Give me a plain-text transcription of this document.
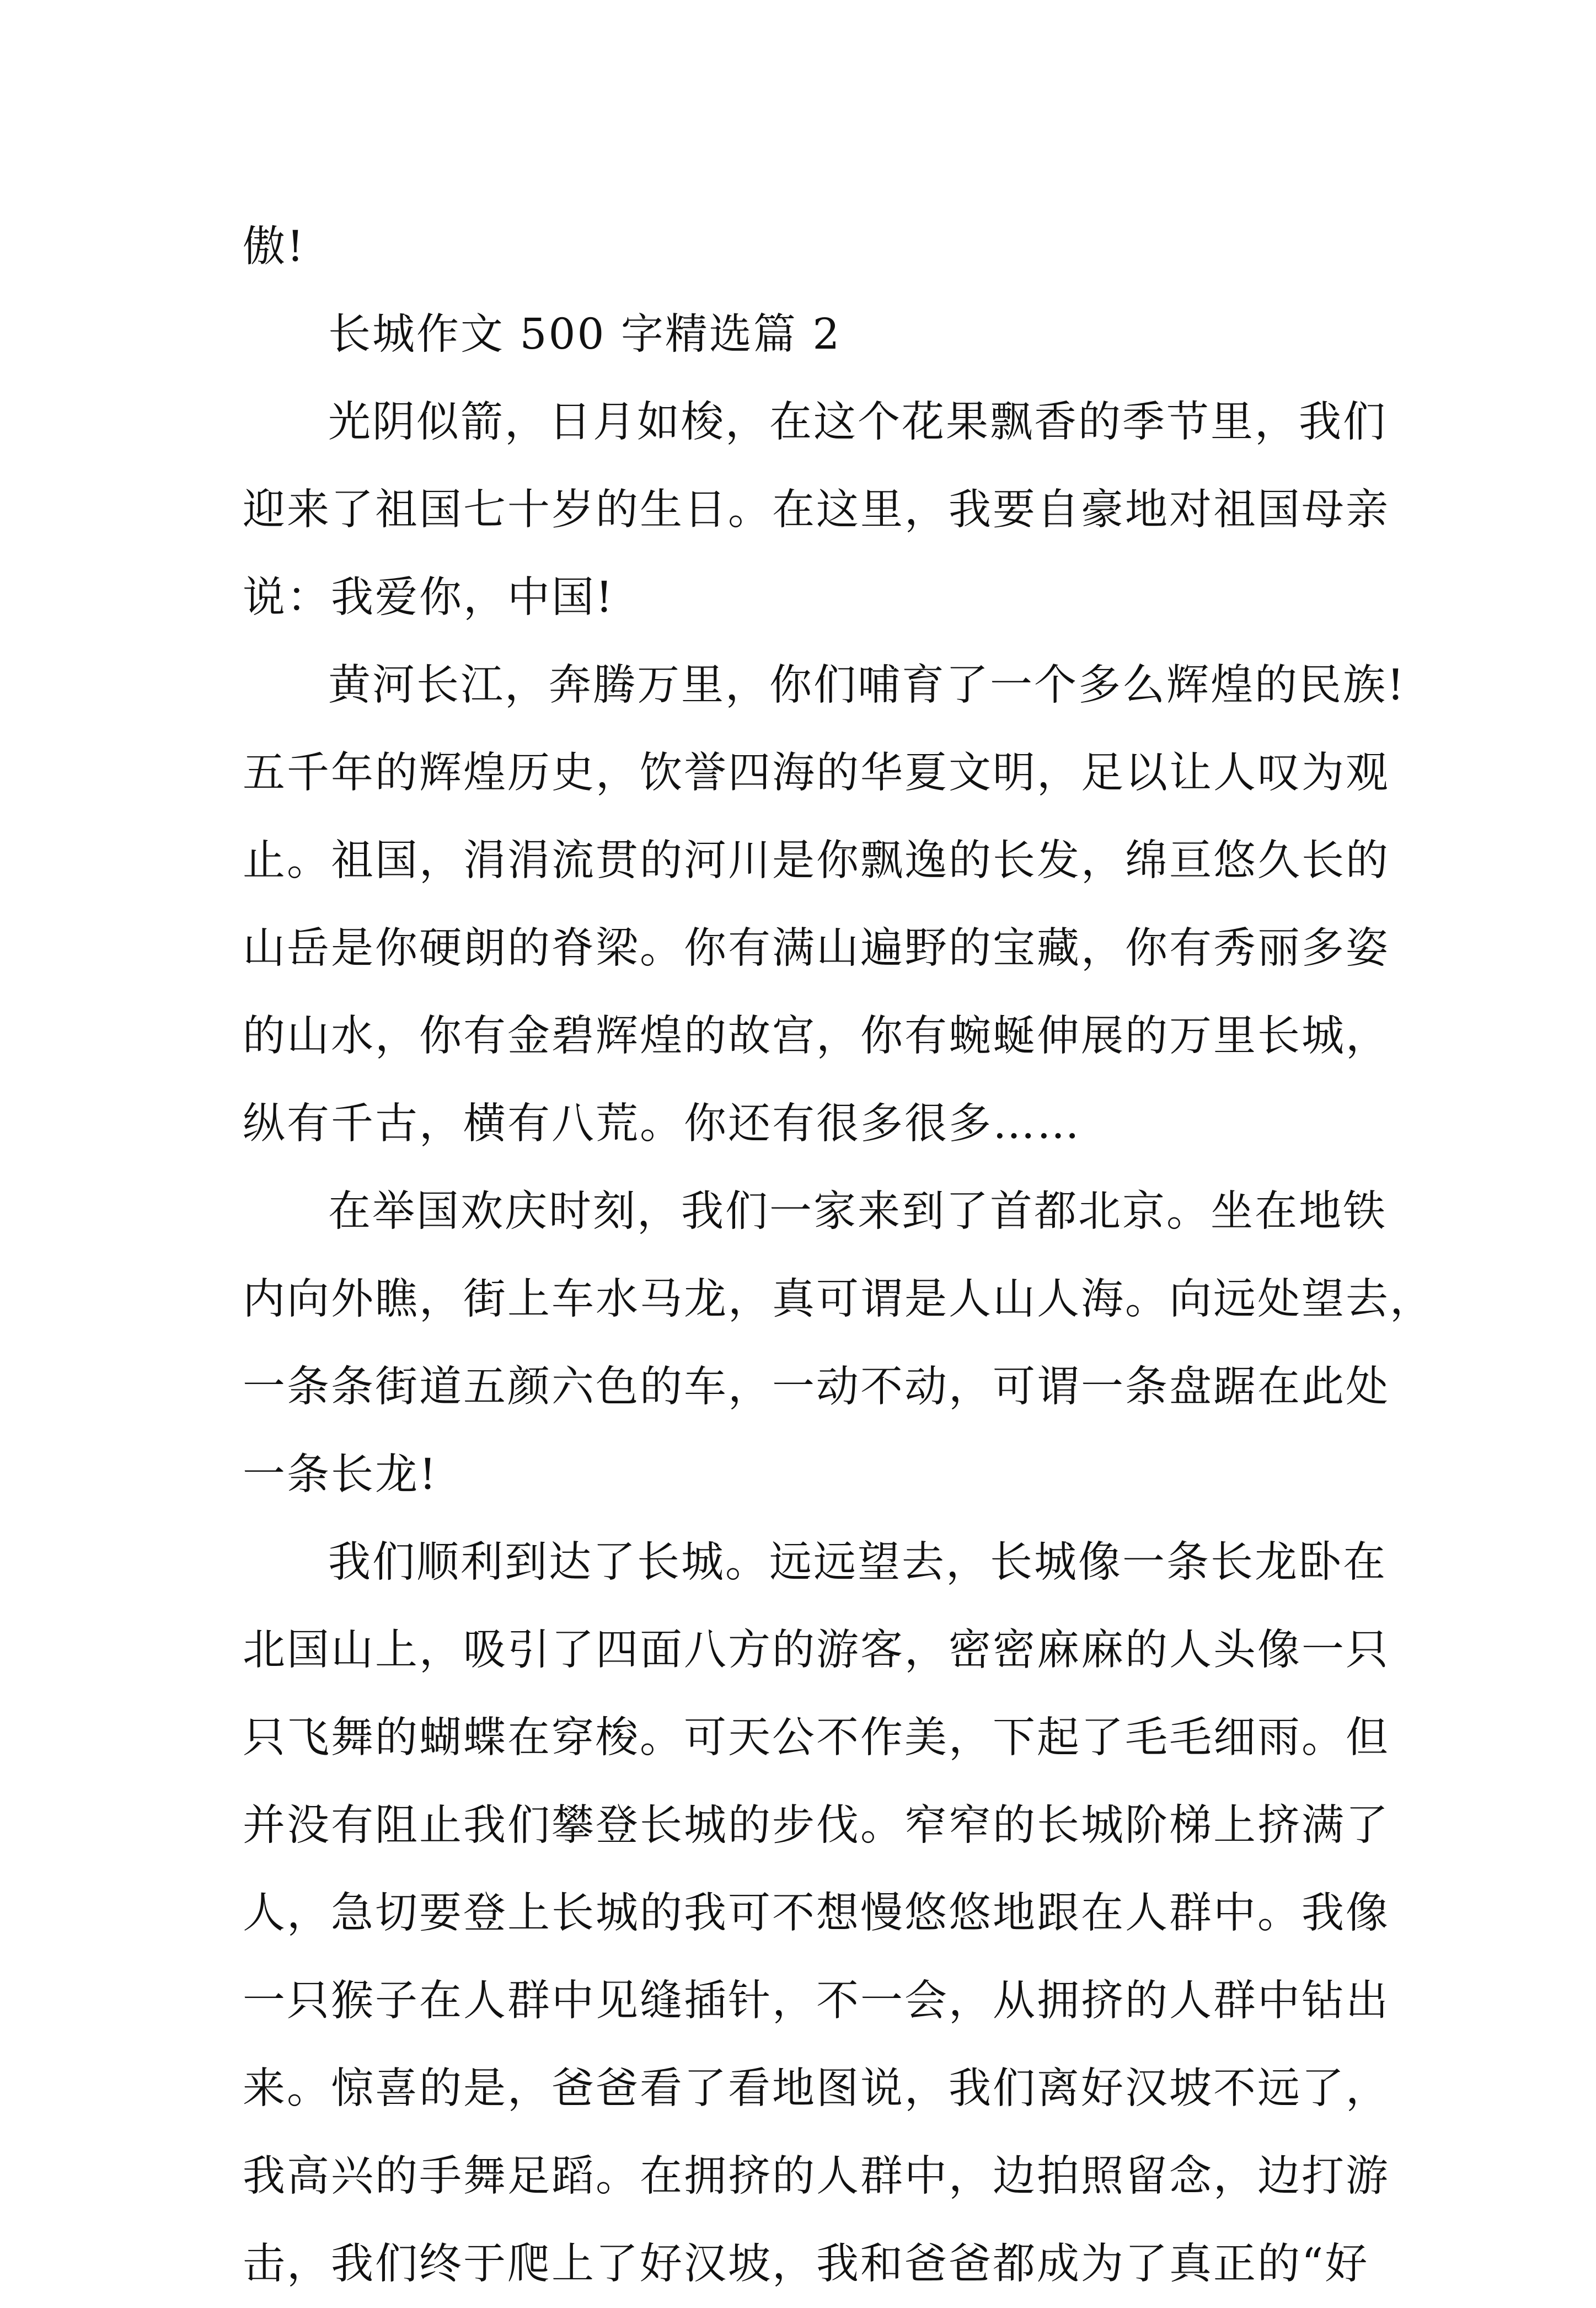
傲!
长城作文 500 字精选篇 2
光阴似箭，日月如梭，在这个花果飘香的季节里，我们
迎来了祖国七十岁的生日。在这里，我要自豪地对祖国母亲
说：我爱你，中国!
黄河长江，奔腾万里，你们哺育了一个多么辉煌的民族!
五千年的辉煌历史，饮誉四海的华夏文明，足以让人叹为观
止。祖国，涓涓流贯的河川是你飘逸的长发，绵亘悠久长的
山岳是你硬朗的脊梁。你有满山遍野的宝藏，你有秀丽多姿
的山水，你有金碧辉煌的故宫，你有蜿蜒伸展的万里长城，
纵有千古，横有八荒。你还有很多很多……
在举国欢庆时刻，我们一家来到了首都北京。坐在地铁
内向外瞧，街上车水马龙，真可谓是人山人海。向远处望去，
一条条街道五颜六色的车，一动不动，可谓一条盘踞在此处
一条长龙!
我们顺利到达了长城。远远望去，长城像一条长龙卧在
北国山上，吸引了四面八方的游客，密密麻麻的人头像一只
只飞舞的蝴蝶在穿梭。可天公不作美，下起了毛毛细雨。但
并没有阻止我们攀登长城的步伐。窄窄的长城阶梯上挤满了
人，急切要登上长城的我可不想慢悠悠地跟在人群中。我像
一只猴子在人群中见缝插针，不一会，从拥挤的人群中钻出
来。惊喜的是，爸爸看了看地图说，我们离好汉坡不远了，
我高兴的手舞足蹈。在拥挤的人群中，边拍照留念，边打游
击，我们终于爬上了好汉坡，我和爸爸都成为了真正的“好
